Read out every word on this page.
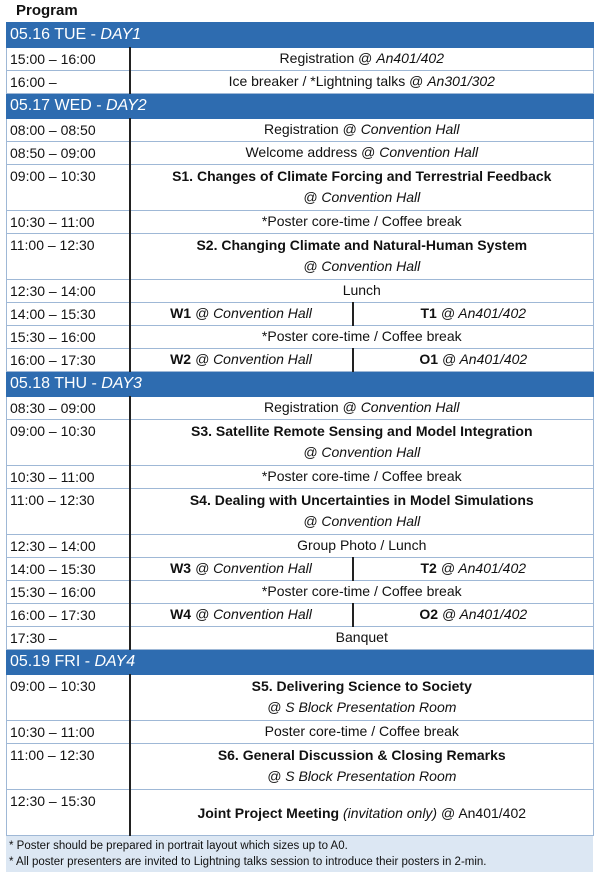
Program
05.16 TUE - DAY1		
15:00 – 16:00	Registration @ An401/402	
16:00 –	Ice breaker / *Lightning talks @ An301/302	
05.17 WED - DAY2		
08:00 – 08:50	Registration @ Convention Hall	
08:50 – 09:00	Welcome address @ Convention Hall	
09:00 – 10:30	S1. Changes of Climate Forcing and Terrestrial Feedback
@ Convention Hall	
10:30 – 11:00	*Poster core-time / Coffee break	
11:00 – 12:30	S2. Changing Climate and Natural-Human System
@ Convention Hall	
12:30 – 14:00	Lunch	
14:00 – 15:30	W1 @ Convention Hall	T1 @ An401/402
15:30 – 16:00	*Poster core-time / Coffee break	
16:00 – 17:30	W2 @ Convention Hall	O1 @ An401/402
05.18 THU - DAY3		
08:30 – 09:00	Registration @ Convention Hall	
09:00 – 10:30	S3. Satellite Remote Sensing and Model Integration
@ Convention Hall	
10:30 – 11:00	*Poster core-time / Coffee break	
11:00 – 12:30	S4. Dealing with Uncertainties in Model Simulations
@ Convention Hall	
12:30 – 14:00	Group Photo / Lunch	
14:00 – 15:30	W3 @ Convention Hall	T2 @ An401/402
15:30 – 16:00	*Poster core-time / Coffee break	
16:00 – 17:30	W4 @ Convention Hall	O2 @ An401/402
17:30 –	Banquet	
05.19 FRI - DAY4		
09:00 – 10:30	S5. Delivering Science to Society
@ S Block Presentation Room	
10:30 – 11:00	Poster core-time / Coffee break	
11:00 – 12:30	S6. General Discussion & Closing Remarks
@ S Block Presentation Room	
12:30 – 15:30	Joint Project Meeting (invitation only) @ An401/402	
* Poster should be prepared in portrait layout which sizes up to A0.
* All poster presenters are invited to Lightning talks session to introduce their posters in 2-min.
